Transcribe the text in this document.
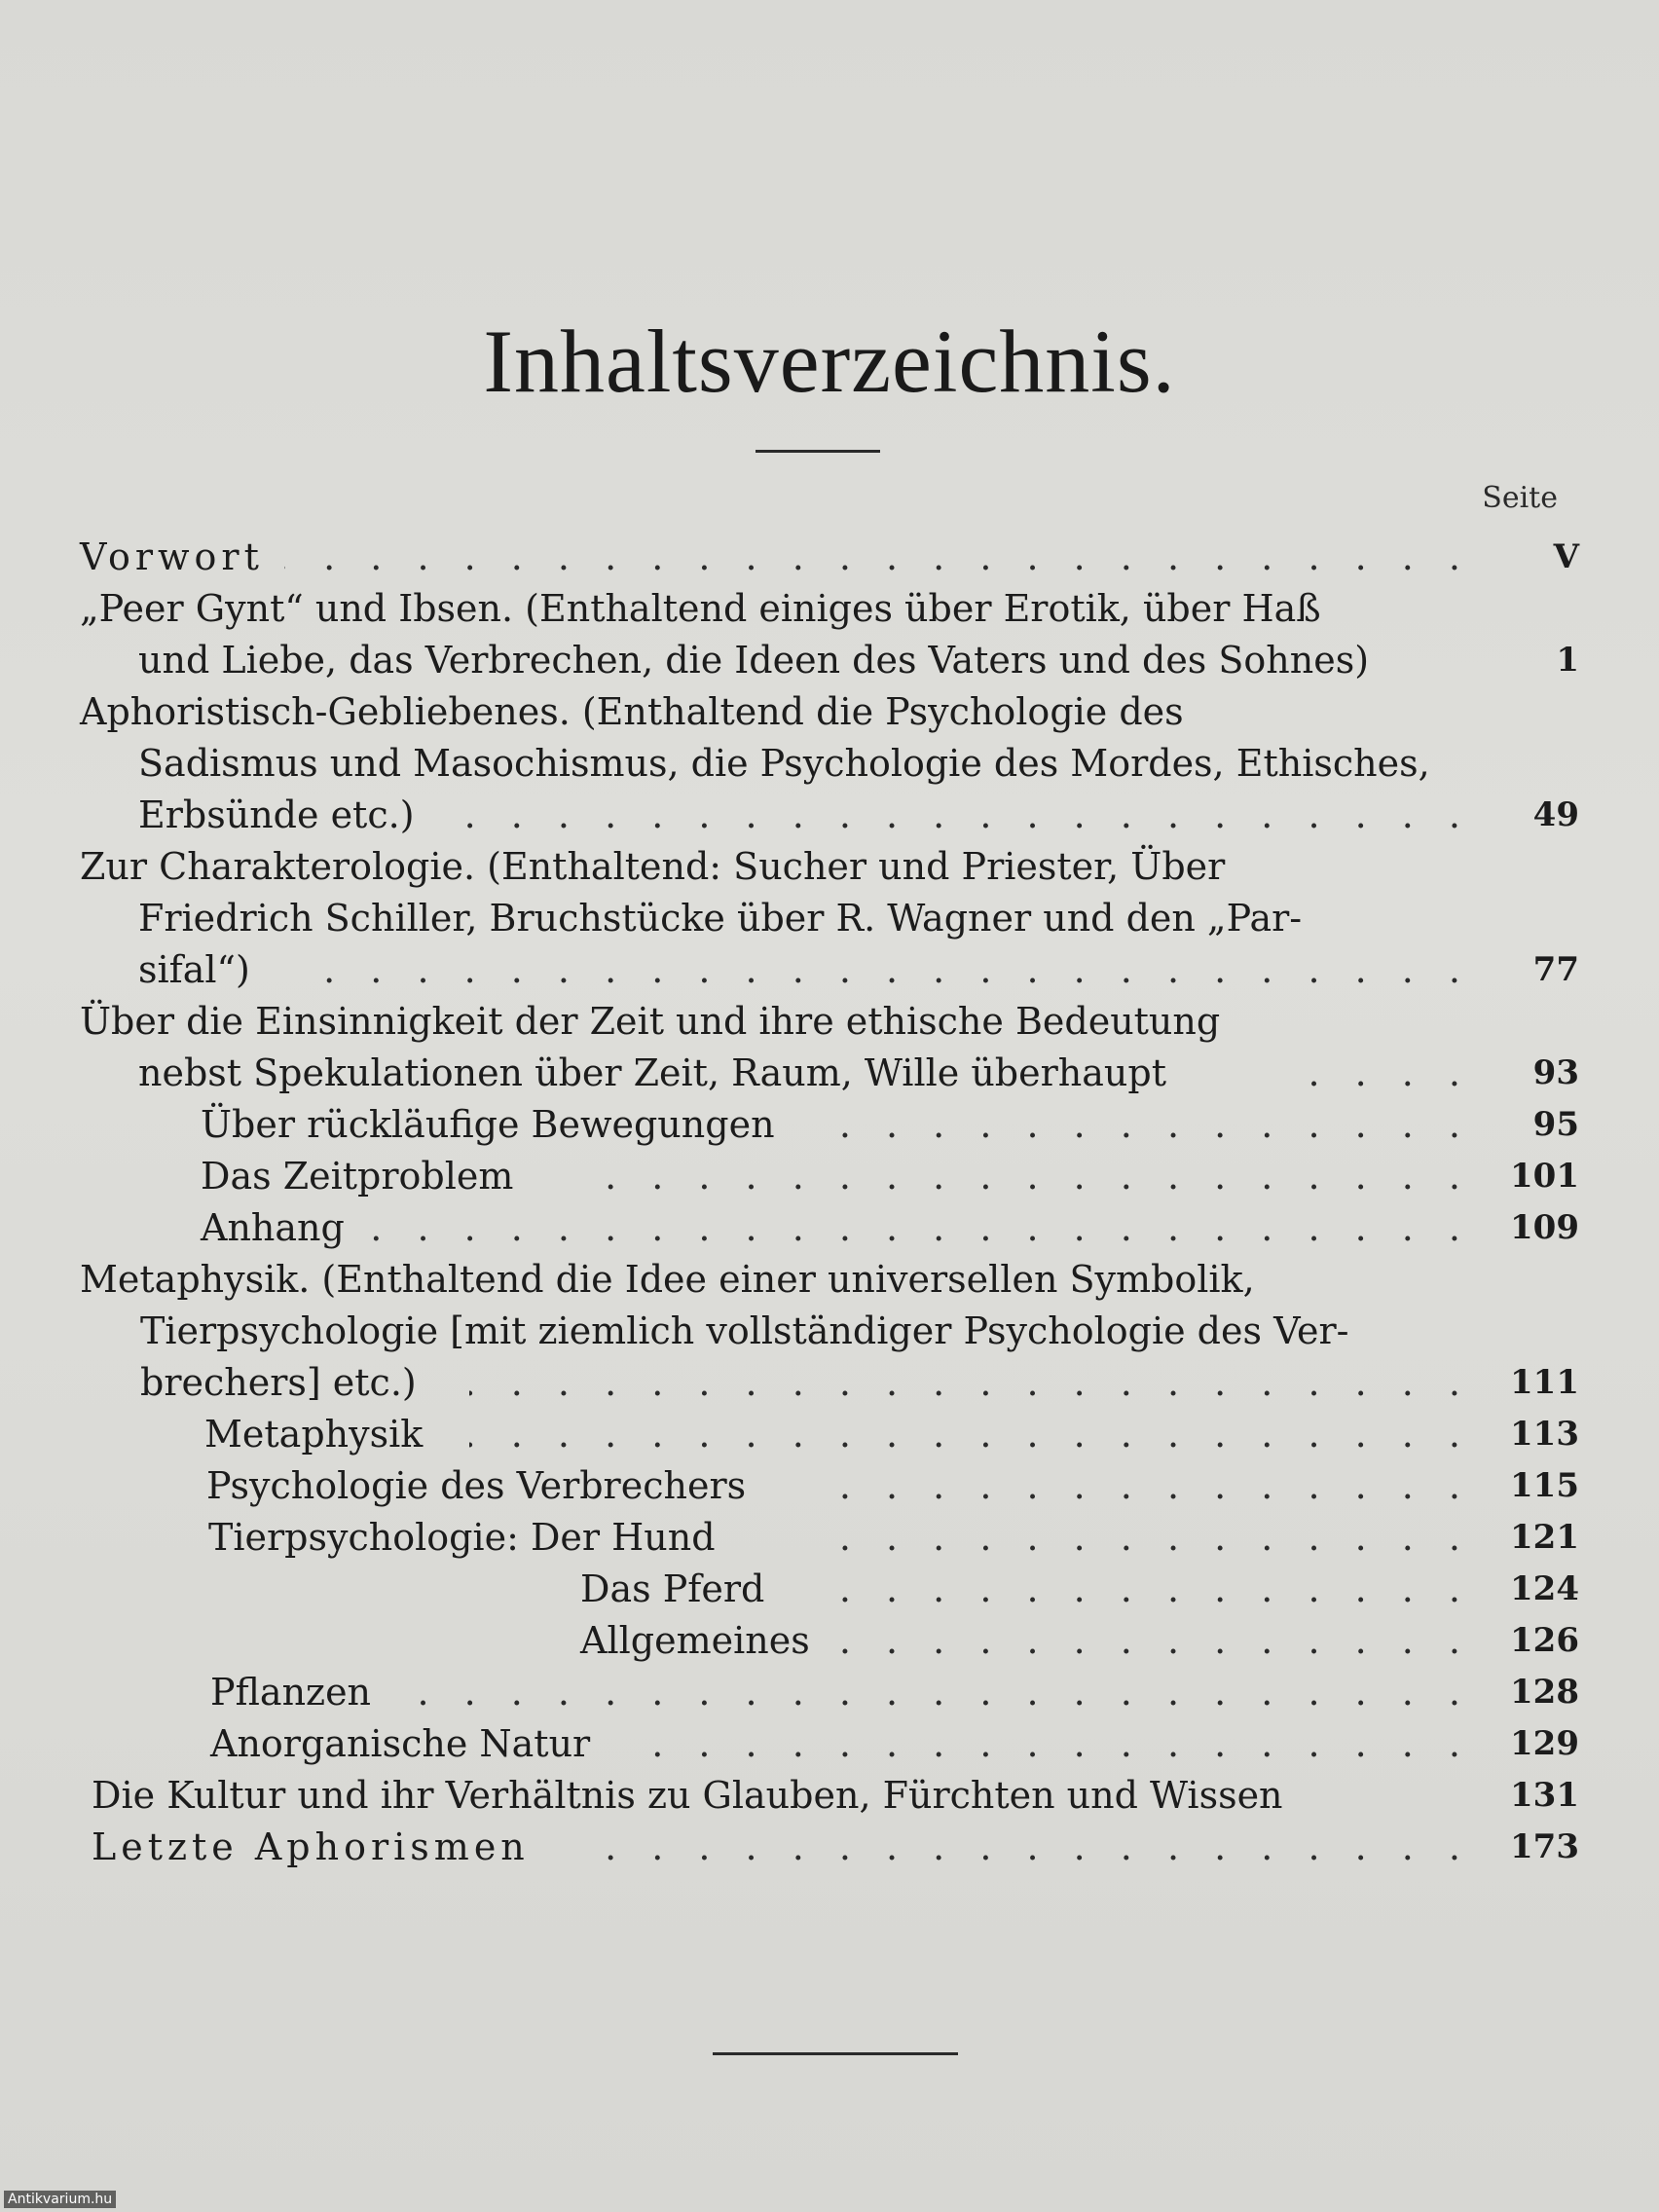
Inhaltsverzeichnis.
Seite
Vorwort . . .	V
„Peer Gynt“ und Ibsen. (Enthaltend einiges über Erotik, über Haß
und Liebe, das Verbrechen, die Ideen des Vaters und des Sohnes)	1
Aphoristisch-Gebliebenes. (Enthaltend die Psychologie des
Sadismus und Masochismus, die Psychologie des Mordes, Ethisches,
Erbsünde etc.) . . .	49
Zur Charakterologie. (Enthaltend: Sucher und Priester, Über
Friedrich Schiller, Bruchstücke über R. Wagner und den „Par-
sifal“) . . .	77
Über die Einsinnigkeit der Zeit und ihre ethische Bedeutung
nebst Spekulationen über Zeit, Raum, Wille überhaupt . . .	93
Über rückläufige Bewegungen . . .	95
Das Zeitproblem . . .	101
Anhang . . .	109
Metaphysik. (Enthaltend die Idee einer universellen Symbolik,
Tierpsychologie [mit ziemlich vollständiger Psychologie des Ver-
brechers] etc.) . . .	111
Metaphysik . . .	113
Psychologie des Verbrechers . . .	115
Tierpsychologie: Der Hund . . .	121
Das Pferd . . .	124
Allgemeines . . .	126
Pflanzen . . .	128
Anorganische Natur . . .	129
Die Kultur und ihr Verhältnis zu Glauben, Fürchten und Wissen	131
Letzte Aphorismen . . .	173
Antikvarium.hu
